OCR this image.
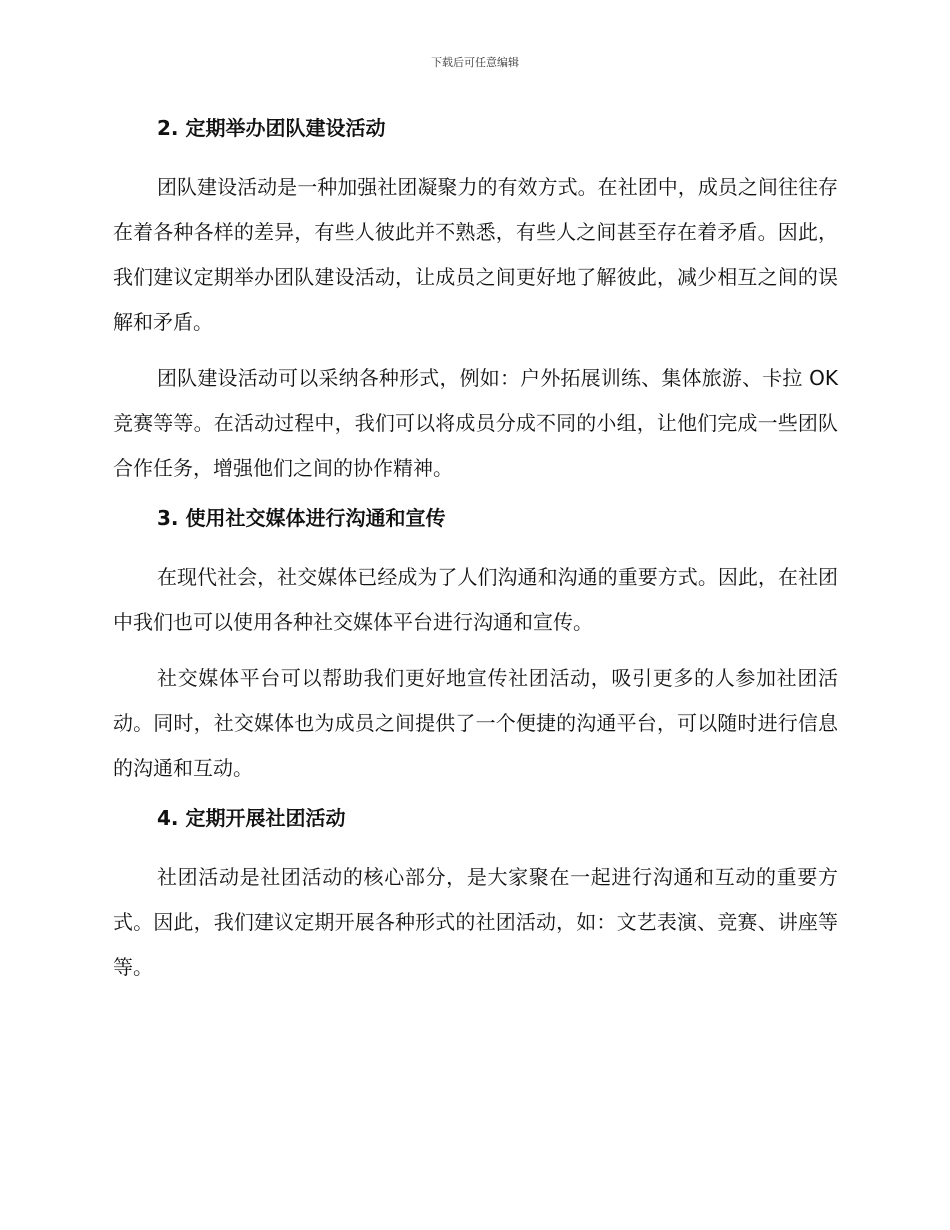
下载后可任意编辑
2. 定期举办团队建设活动

团队建设活动是一种加强社团凝聚力的有效方式。在社团中，成员之间往往存在着各种各样的差异，有些人彼此并不熟悉，有些人之间甚至存在着矛盾。因此，我们建议定期举办团队建设活动，让成员之间更好地了解彼此，减少相互之间的误解和矛盾。

团队建设活动可以采纳各种形式，例如：户外拓展训练、集体旅游、卡拉 OK 竞赛等等。在活动过程中，我们可以将成员分成不同的小组，让他们完成一些团队合作任务，增强他们之间的协作精神。

3. 使用社交媒体进行沟通和宣传

在现代社会，社交媒体已经成为了人们沟通和沟通的重要方式。因此，在社团中我们也可以使用各种社交媒体平台进行沟通和宣传。

社交媒体平台可以帮助我们更好地宣传社团活动，吸引更多的人参加社团活动。同时，社交媒体也为成员之间提供了一个便捷的沟通平台，可以随时进行信息的沟通和互动。

4. 定期开展社团活动

社团活动是社团活动的核心部分，是大家聚在一起进行沟通和互动的重要方式。因此，我们建议定期开展各种形式的社团活动，如：文艺表演、竞赛、讲座等等。
